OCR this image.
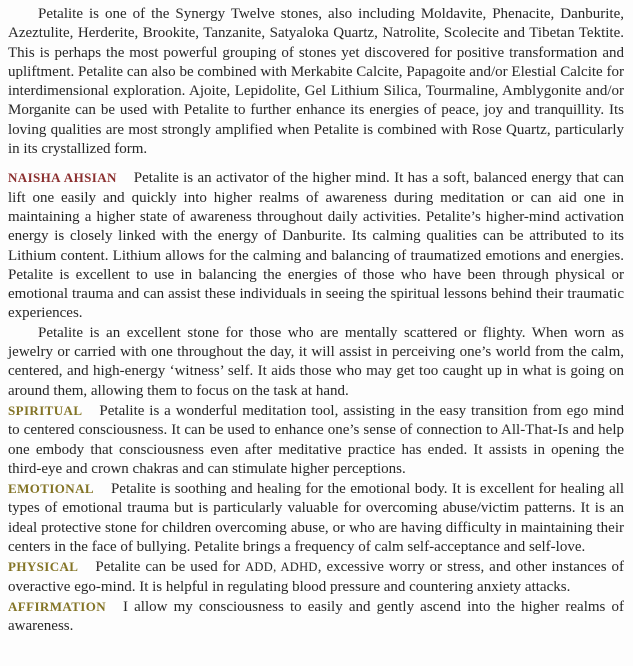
Petalite is one of the Synergy Twelve stones, also including Moldavite, Phenacite, Danburite, Azeztulite, Herderite, Brookite, Tanzanite, Satyaloka Quartz, Natrolite, Scolecite and Tibetan Tektite. This is perhaps the most powerful grouping of stones yet discovered for positive transformation and upliftment. Petalite can also be combined with Merkabite Calcite, Papagoite and/or Elestial Calcite for interdimensional exploration. Ajoite, Lepidolite, Gel Lithium Silica, Tourmaline, Amblygonite and/or Morganite can be used with Petalite to further enhance its energies of peace, joy and tranquillity. Its loving qualities are most strongly amplified when Petalite is combined with Rose Quartz, particularly in its crystallized form.

NAISHA AHSIAN Petalite is an activator of the higher mind. It has a soft, balanced energy that can lift one easily and quickly into higher realms of awareness during meditation or can aid one in maintaining a higher state of awareness throughout daily activities. Petalite’s higher-mind activation energy is closely linked with the energy of Danburite. Its calming qualities can be attributed to its Lithium content. Lithium allows for the calming and balancing of traumatized emotions and energies. Petalite is excellent to use in balancing the energies of those who have been through physical or emotional trauma and can assist these individuals in seeing the spiritual lessons behind their traumatic experiences.

Petalite is an excellent stone for those who are mentally scattered or flighty. When worn as jewelry or carried with one throughout the day, it will assist in perceiving one’s world from the calm, centered, and high-energy ‘witness’ self. It aids those who may get too caught up in what is going on around them, allowing them to focus on the task at hand.

SPIRITUAL Petalite is a wonderful meditation tool, assisting in the easy transition from ego mind to centered consciousness. It can be used to enhance one’s sense of connection to All-That-Is and help one embody that consciousness even after meditative practice has ended. It assists in opening the third-eye and crown chakras and can stimulate higher perceptions.

EMOTIONAL Petalite is soothing and healing for the emotional body. It is excellent for healing all types of emotional trauma but is particularly valuable for overcoming abuse/victim patterns. It is an ideal protective stone for children overcoming abuse, or who are having difficulty in maintaining their centers in the face of bullying. Petalite brings a frequency of calm self-acceptance and self-love.

PHYSICAL Petalite can be used for ADD, ADHD, excessive worry or stress, and other instances of overactive ego-mind. It is helpful in regulating blood pressure and countering anxiety attacks.

AFFIRMATION I allow my consciousness to easily and gently ascend into the higher realms of awareness.
